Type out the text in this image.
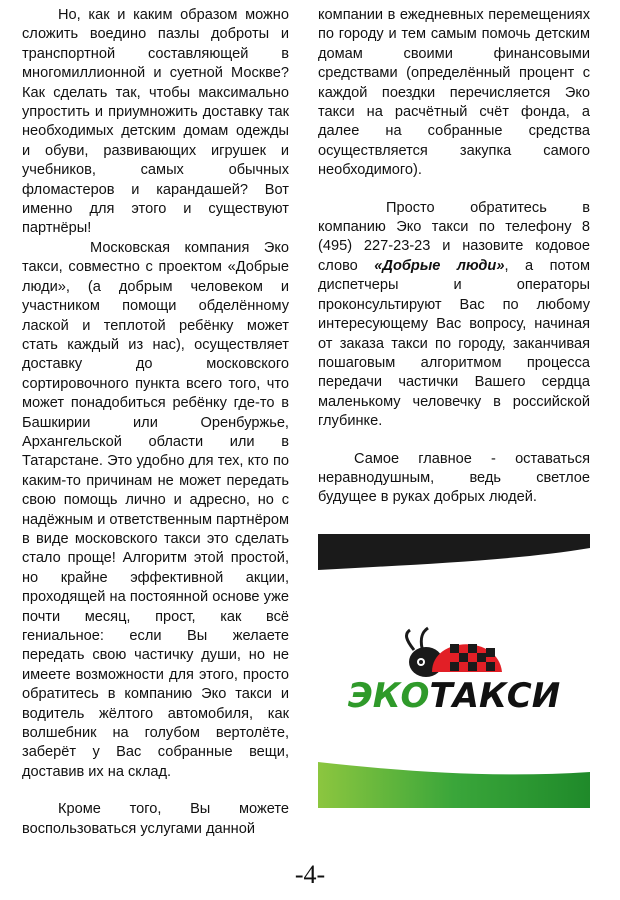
Но, как и каким образом можно сложить воедино пазлы доброты и транспортной составляющей в многомиллионной и суетной Москве? Как сделать так, чтобы максимально упростить и приумножить доставку так необходимых детским домам одежды и обуви, развивающих игрушек и учебников, самых обычных фломастеров и карандашей? Вот именно для этого и существуют партнёры!

Московская компания Эко такси, совместно с проектом «Добрые люди», (а добрым человеком и участником помощи обделённому лаской и теплотой ребёнку может стать каждый из нас), осуществляет доставку до московского сортировочного пункта всего того, что может понадобиться ребёнку где-то в Башкирии или Оренбуржье, Архангельской области или в Татарстане. Это удобно для тех, кто по каким-то причинам не может передать свою помощь лично и адресно, но с надёжным и ответственным партнёром в виде московского такси это сделать стало проще! Алгоритм этой простой, но крайне эффективной акции, проходящей на постоянной основе уже почти месяц, прост, как всё гениальное: если Вы желаете передать свою частичку души, но не имеете возможности для этого, просто обратитесь в компанию Эко такси и водитель жёлтого автомобиля, как волшебник на голубом вертолёте, заберёт у Вас собранные вещи, доставив их на склад.

Кроме того, Вы можете воспользоваться услугами данной

компании в ежедневных перемещениях по городу и тем самым помочь детским домам своими финансовыми средствами (определённый процент с каждой поездки перечисляется Эко такси на расчётный счёт фонда, а далее на собранные средства осуществляется закупка самого необходимого).

Просто обратитесь в компанию Эко такси по телефону 8 (495) 227-23-23 и назовите кодовое слово «Добрые люди», а потом диспетчеры и операторы проконсультируют Вас по любому интересующему Вас вопросу, начиная от заказа такси по городу, заканчивая пошаговым алгоритмом процесса передачи частички Вашего сердца маленькому человечку в российской глубинке.

Самое главное - оставаться неравнодушным, ведь светлое будущее в руках добрых людей.

ЭКОТАКСИ
-4-
